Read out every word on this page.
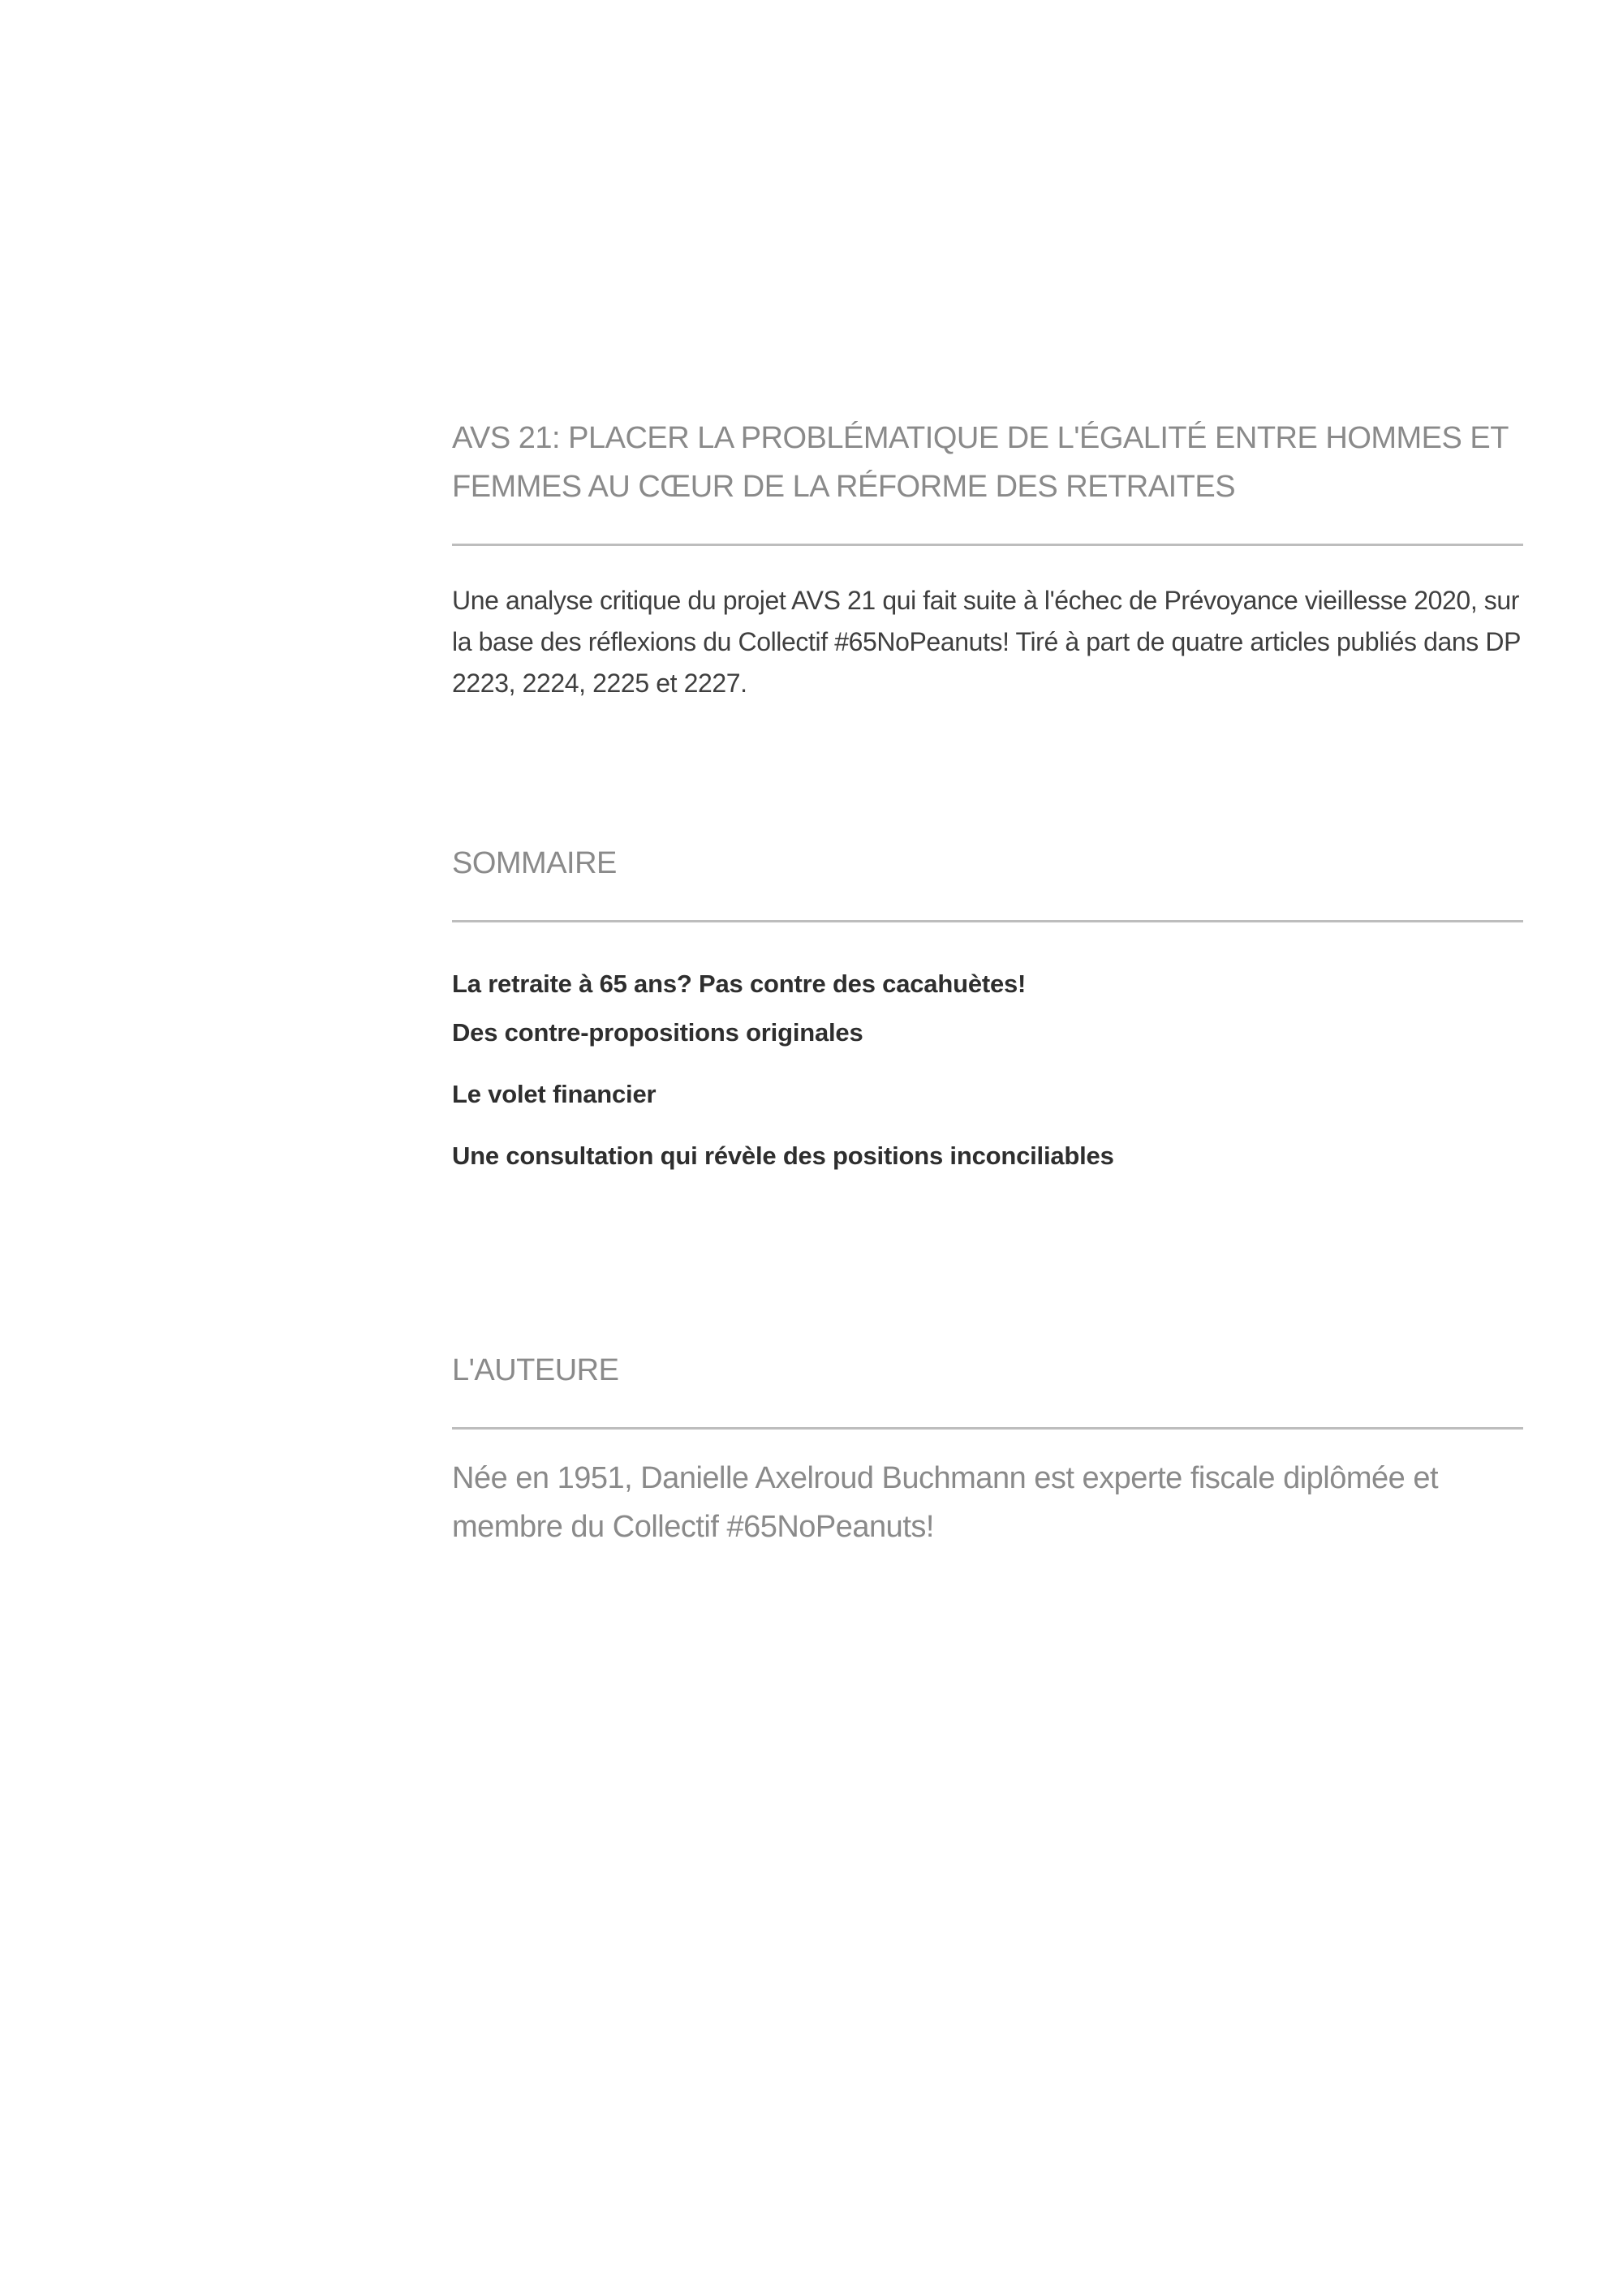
AVS 21: PLACER LA PROBLÉMATIQUE DE L'ÉGALITÉ ENTRE HOMMES ET FEMMES AU CŒUR DE LA RÉFORME DES RETRAITES

Une analyse critique du projet AVS 21 qui fait suite à l'échec de Prévoyance vieillesse 2020, sur la base des réflexions du Collectif #65NoPeanuts! Tiré à part de quatre articles publiés dans DP 2223, 2224, 2225 et 2227.

SOMMAIRE
La retraite à 65 ans? Pas contre des cacahuètes!
Des contre-propositions originales
Le volet financier
Une consultation qui révèle des positions inconciliables
L'AUTEURE

Née en 1951, Danielle Axelroud Buchmann est experte fiscale diplômée et membre du Collectif #65NoPeanuts!
